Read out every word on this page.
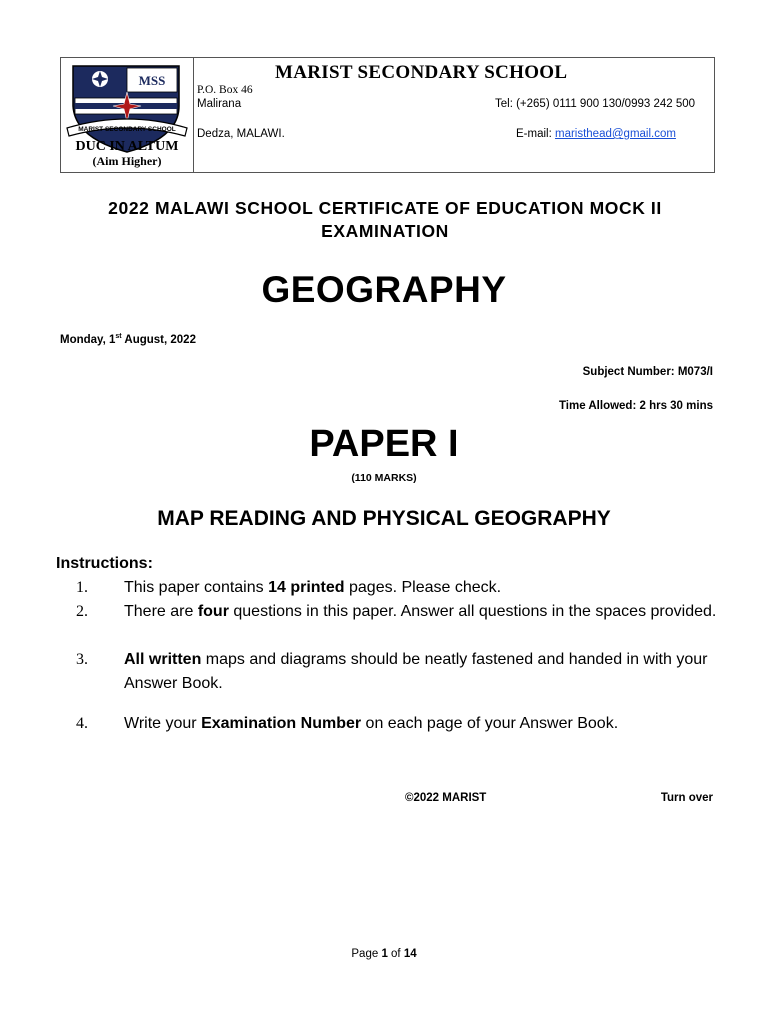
MSS
MARIST SECONDARY SCHOOL
DUC IN ALTUM
(Aim Higher)
MARIST SECONDARY SCHOOL
P.O. Box 46
Malirana
Dedza, MALAWI.
Tel: (+265) 0111 900 130/0993 242 500
E-mail: maristhead@gmail.com
2022 MALAWI SCHOOL CERTIFICATE OF EDUCATION MOCK II EXAMINATION
GEOGRAPHY
Monday, 1st August, 2022
Subject Number: M073/I
Time Allowed: 2 hrs 30 mins
PAPER I
(110 MARKS)
MAP READING AND PHYSICAL GEOGRAPHY
Instructions:
1.	This paper contains 14 printed pages. Please check.
2.	There are four questions in this paper. Answer all questions in the spaces provided.
3.	All written maps and diagrams should be neatly fastened and handed in with your Answer Book.
4.	Write your Examination Number on each page of your Answer Book.
©2022 MARIST	Turn over
Page 1 of 14
